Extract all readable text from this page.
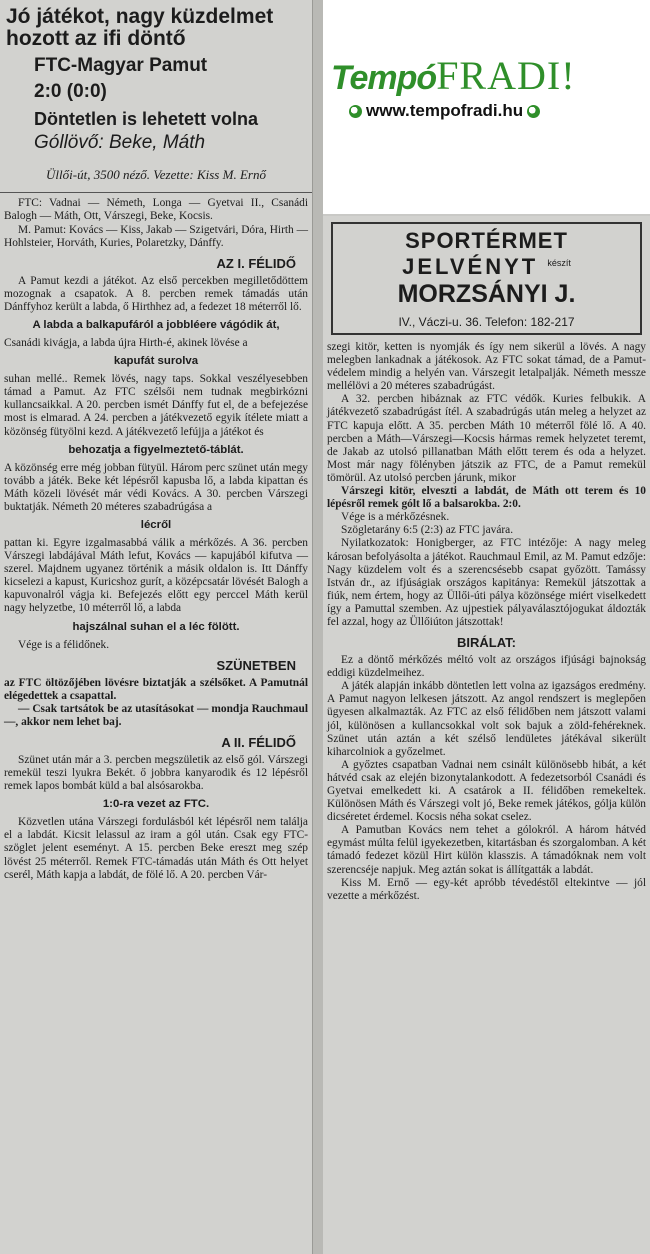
Jó játékot, nagy küzdelmet hozott az ifi döntő
FTC-Magyar Pamut
2:0 (0:0)
Döntetlen is lehetett volna
Góllövő: Beke, Máth
Üllői-út, 3500 néző. Vezette: Kiss M. Ernő

FTC: Vadnai — Németh, Longa — Gyetvai II., Csanádi Balogh — Máth, Ott, Várszegi, Beke, Kocsis.

M. Pamut: Kovács — Kiss, Jakab — Szigetvári, Dóra, Hirth — Hohlsteier, Horváth, Kuries, Polaretzky, Dánffy.

AZ I. FÉLIDŐ

A Pamut kezdi a játékot. Az első percekben megilletődöttem mozognak a csapatok. A 8. percben remek támadás után Dánffyhoz került a labda, ő Hirthhez ad, a fedezet 18 méterről lő.

A labda a balkapufáról a jobbléere vágódik át,

Csanádi kivágja, a labda újra Hirth-é, akinek lövése a

kapufát surolva

suhan mellé.. Remek lövés, nagy taps. Sokkal veszélyesebben támad a Pamut. Az FTC szélsői nem tudnak megbirkózni kullancsaikkal. A 20. percben ismét Dánffy fut el, de a befejezése most is elmarad. A 24. percben a játékvezető egyik ítélete miatt a közönség fütyölni kezd. A játékvezető lefújja a játékot és

behozatja a figyelmeztető-táblát.

A közönség erre még jobban fütyül. Három perc szünet után megy tovább a játék. Beke két lépésről kapusba lő, a labda kipattan és Máth közeli lövését már védi Kovács. A 30. percben Várszegi buktatják. Németh 20 méteres szabadrúgása a

lécről

pattan ki. Egyre izgalmasabbá válik a mérkőzés. A 36. percben Várszegi labdájával Máth lefut, Kovács — kapujából kifutva — szerel. Majdnem ugyanez történik a másik oldalon is. Itt Dánffy kicselezi a kapust, Kuricshoz gurít, a középcsatár lövését Balogh a kapuvonalról vágja ki. Befejezés előtt egy perccel Máth kerül nagy helyzetbe, 10 méterről lő, a labda

hajszálnal suhan el a léc fölött.

Vége is a félidőnek.

SZÜNETBEN

az FTC öltözőjében lövésre biztatják a szélsőket. A Pamutnál elégedettek a csapattal.

— Csak tartsátok be az utasításokat — mondja Rauchmaul —, akkor nem lehet baj.

A II. FÉLIDŐ

Szünet után már a 3. percben megszületik az első gól. Várszegi remekül teszi lyukra Bekét. ő jobbra kanyarodik és 12 lépésről remek lapos bombát küld a bal alsósarokba.

1:0-ra vezet az FTC.

Közvetlen utána Várszegi fordulásból két lépésről nem találja el a labdát. Kicsit lelassul az iram a gól után. Csak egy FTC-szöglet jelent eseményt. A 15. percben Beke ereszt meg szép lövést 25 méterről. Remek FTC-támadás után Máth és Ott helyet cserél, Máth kapja a labdát, de fölé lő. A 20. percben Vár-

TempóFRADI!
www.tempofradi.hu
SPORTÉRMET
JELVÉNYT $^{készít}$
MORZSÁNYI J.
IV., Váczi-u. 36. Telefon: 182-217

szegi kitör, ketten is nyomják és így nem sikerül a lövés. A nagy melegben lankadnak a játékosok. Az FTC sokat támad, de a Pamut-védelem mindig a helyén van. Várszegit letalpalják. Németh messze mellélövi a 20 méteres szabadrúgást.

A 32. percben hibáznak az FTC védők. Kuries felbukik. A játékvezető szabadrúgást ítél. A szabadrúgás után meleg a helyzet az FTC kapuja előtt. A 35. percben Máth 10 méterről fölé lő. A 40. percben a Máth—Várszegi—Kocsis hármas remek helyzetet teremt, de Jakab az utolsó pillanatban Máth előtt terem és oda a helyzet. Most már nagy fölényben játszik az FTC, de a Pamut remekül tömörül. Az utolsó percben járunk, mikor

Várszegi kitör, elveszti a labdát, de Máth ott terem és 10 lépésről remek gólt lő a balsarokba. 2:0.

Vége is a mérkőzésnek.

Szögletarány 6:5 (2:3) az FTC javára.

Nyilatkozatok: Honigberger, az FTC intézője: A nagy meleg károsan befolyásolta a játékot. Rauchmaul Emil, az M. Pamut edzője: Nagy küzdelem volt és a szerencsésebb csapat győzött. Tamássy István dr., az ifjúságiak országos kapitánya: Remekül játszottak a fiúk, nem értem, hogy az Üllői-úti pálya közönsége miért viselkedett így a Pamuttal szemben. Az ujpestiek pályaválasztójogukat áldozták fel azzal, hogy az Üllőiúton játszottak!

BIRÁLAT:

Ez a döntő mérkőzés méltó volt az országos ifjúsági bajnokság eddigi küzdelmeihez.

A játék alapján inkább döntetlen lett volna az igazságos eredmény. A Pamut nagyon lelkesen játszott. Az angol rendszert is meglepően ügyesen alkalmazták. Az FTC az első félidőben nem játszott valami jól, különösen a kullancsokkal volt sok bajuk a zöld-fehéreknek. Szünet után aztán a két szélső lendületes játékával sikerült kiharcolniok a győzelmet.

A győztes csapatban Vadnai nem csinált különösebb hibát, a két hátvéd csak az elején bizonytalankodott. A fedezetsorból Csanádi és Gyetvai emelkedett ki. A csatárok a II. félidőben remekeltek. Különösen Máth és Várszegi volt jó, Beke remek játékos, gólja külön dicséretet érdemel. Kocsis néha sokat cselez.

A Pamutban Kovács nem tehet a gólokról. A három hátvéd egymást múlta felül igyekezetben, kitartásban és szorgalomban. A két támadó fedezet közül Hirt külön klasszis. A támadóknak nem volt szerencséje napjuk. Meg aztán sokat is állítgatták a labdát.

Kiss M. Ernő — egy-két apróbb tévedéstől eltekintve — jól vezette a mérkőzést.
